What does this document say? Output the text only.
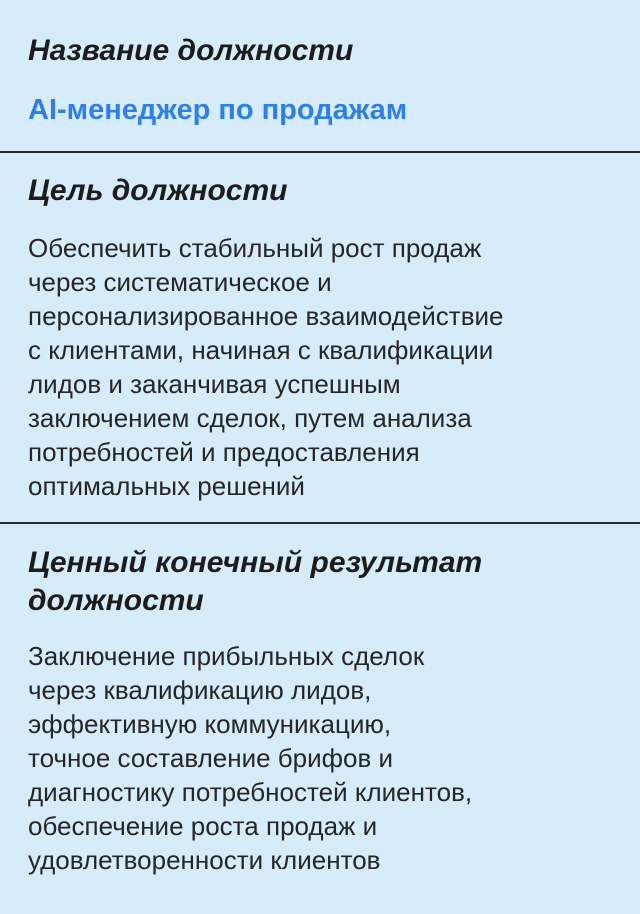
Название должности

AI-менеджер по продажам

Цель должности

Обеспечить стабильный рост продаж
через систематическое и
персонализированное взаимодействие
с клиентами, начиная с квалификации
лидов и заканчивая успешным
заключением сделок, путем анализа
потребностей и предоставления
оптимальных решений

Ценный конечный результат
должности

Заключение прибыльных сделок
через квалификацию лидов,
эффективную коммуникацию,
точное составление брифов и
диагностику потребностей клиентов,
обеспечение роста продаж и
удовлетворенности клиентов
